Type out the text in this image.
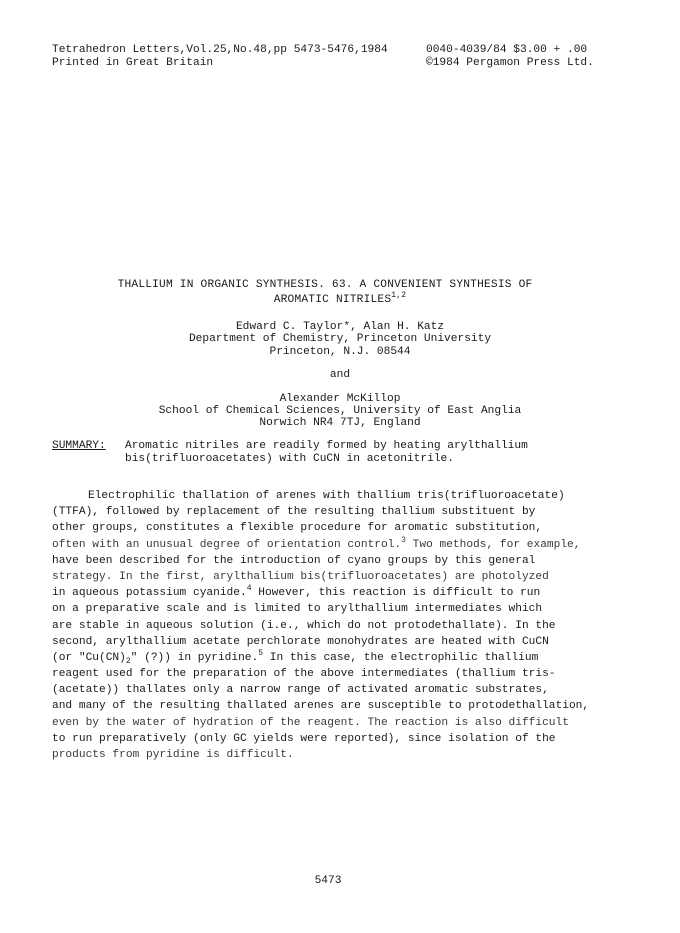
Tetrahedron Letters,Vol.25,No.48,pp 5473-5476,1984
Printed in Great Britain
0040-4039/84 $3.00 + .00
©1984 Pergamon Press Ltd.
THALLIUM IN ORGANIC SYNTHESIS. 63. A CONVENIENT SYNTHESIS OF
AROMATIC NITRILES$^{1,2}$
Edward C. Taylor*, Alan H. Katz
Department of Chemistry, Princeton University
Princeton, N.J. 08544
and
Alexander McKillop
School of Chemical Sciences, University of East Anglia
Norwich NR4 7TJ, England
SUMMARY: Aromatic nitriles are readily formed by heating arylthallium
bis(trifluoroacetates) with CuCN in acetonitrile.
Electrophilic thallation of arenes with thallium tris(trifluoroacetate)
(TTFA), followed by replacement of the resulting thallium substituent by
other groups, constitutes a flexible procedure for aromatic substitution,
often with an unusual degree of orientation control.$^3$ Two methods, for example,
have been described for the introduction of cyano groups by this general
strategy. In the first, arylthallium bis(trifluoroacetates) are photolyzed
in aqueous potassium cyanide.$^4$ However, this reaction is difficult to run
on a preparative scale and is limited to arylthallium intermediates which
are stable in aqueous solution (i.e., which do not protodethallate). In the
second, arylthallium acetate perchlorate monohydrates are heated with CuCN
(or "$Cu(CN)_2$" (?)) in pyridine.$^5$ In this case, the electrophilic thallium
reagent used for the preparation of the above intermediates (thallium tris-
(acetate)) thallates only a narrow range of activated aromatic substrates,
and many of the resulting thallated arenes are susceptible to protodethallation,
even by the water of hydration of the reagent. The reaction is also difficult
to run preparatively (only GC yields were reported), since isolation of the
products from pyridine is difficult.
5473
